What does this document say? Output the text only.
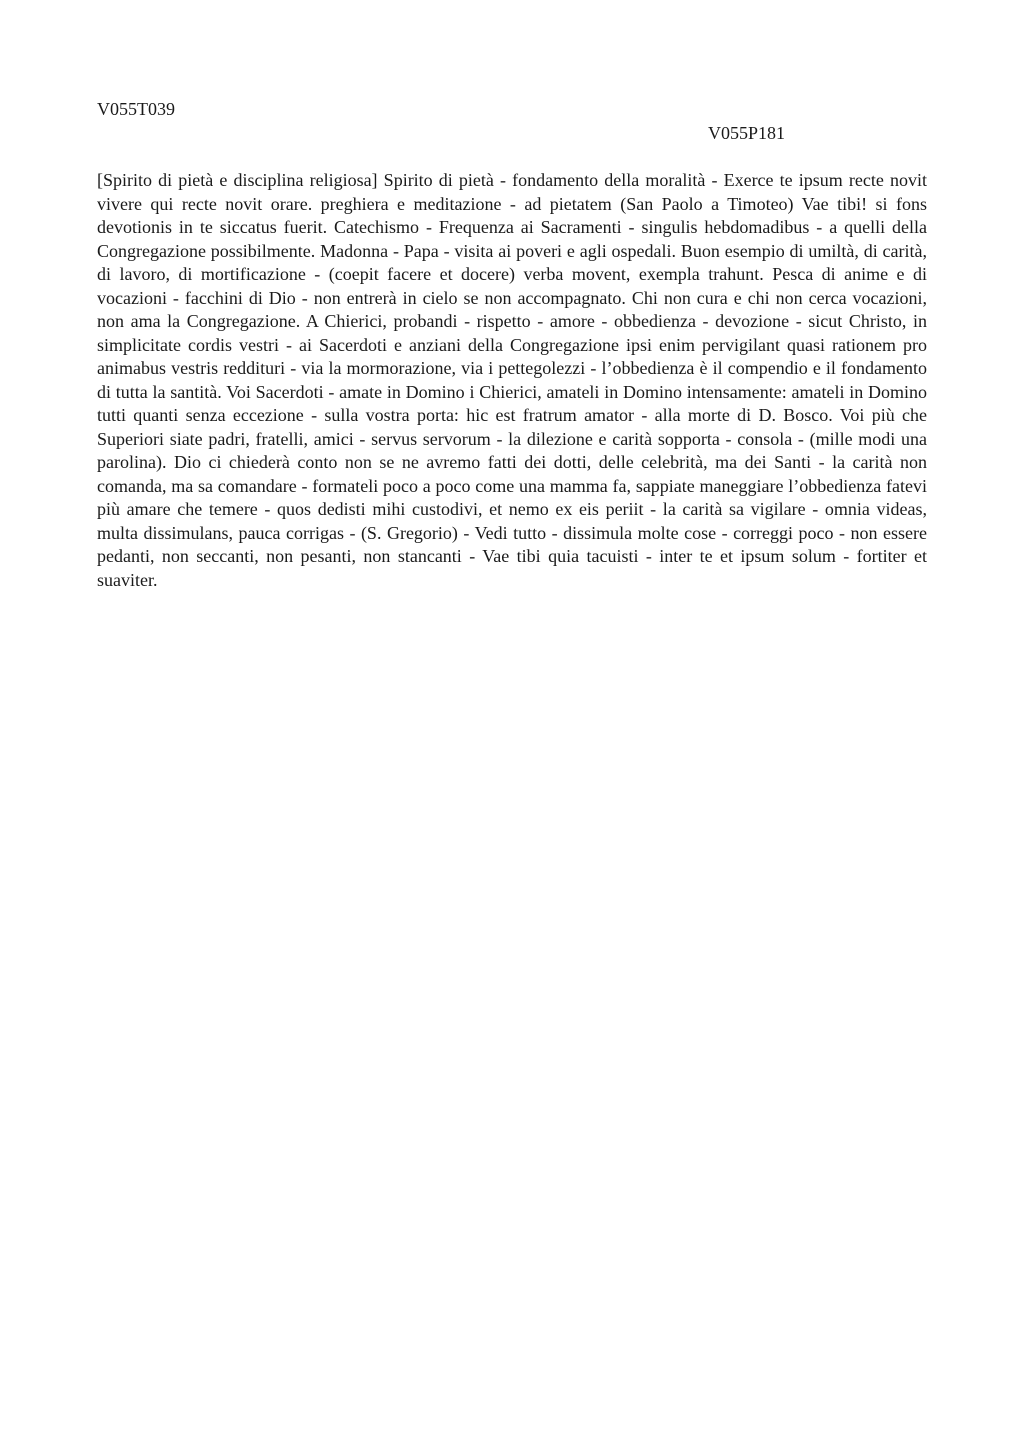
V055T039
V055P181

[Spirito di pietà e disciplina religiosa] Spirito di pietà - fondamento della moralità - Exerce te ipsum recte novit vivere qui recte novit orare. preghiera e meditazione - ad pietatem (San Paolo a Timoteo) Vae tibi! si fons devotionis in te siccatus fuerit. Catechismo - Frequenza ai Sacramenti - singulis hebdomadibus - a quelli della Congregazione possibilmente. Madonna - Papa - visita ai poveri e agli ospedali. Buon esempio di umiltà, di carità, di lavoro, di mortificazione - (coepit facere et docere) verba movent, exempla trahunt. Pesca di anime e di vocazioni - facchini di Dio - non entrerà in cielo se non accompagnato. Chi non cura e chi non cerca vocazioni, non ama la Congregazione. A Chierici, probandi - rispetto - amore - obbedienza - devozione - sicut Christo, in simplicitate cordis vestri - ai Sacerdoti e anziani della Congregazione ipsi enim pervigilant quasi rationem pro animabus vestris reddituri - via la mormorazione, via i pettegolezzi - l’obbedienza è il compendio e il fondamento di tutta la santità. Voi Sacerdoti - amate in Domino i Chierici, amateli in Domino intensamente: amateli in Domino tutti quanti senza eccezione - sulla vostra porta: hic est fratrum amator - alla morte di D. Bosco. Voi più che Superiori siate padri, fratelli, amici - servus servorum - la dilezione e carità sopporta - consola - (mille modi una parolina). Dio ci chiederà conto non se ne avremo fatti dei dotti, delle celebrità, ma dei Santi - la carità non comanda, ma sa comandare - formateli poco a poco come una mamma fa, sappiate maneggiare l’obbedienza fatevi più amare che temere - quos dedisti mihi custodivi, et nemo ex eis periit - la carità sa vigilare - omnia videas, multa dissimulans, pauca corrigas - (S. Gregorio) - Vedi tutto - dissimula molte cose - correggi poco - non essere pedanti, non seccanti, non pesanti, non stancanti - Vae tibi quia tacuisti - inter te et ipsum solum - fortiter et suaviter.
